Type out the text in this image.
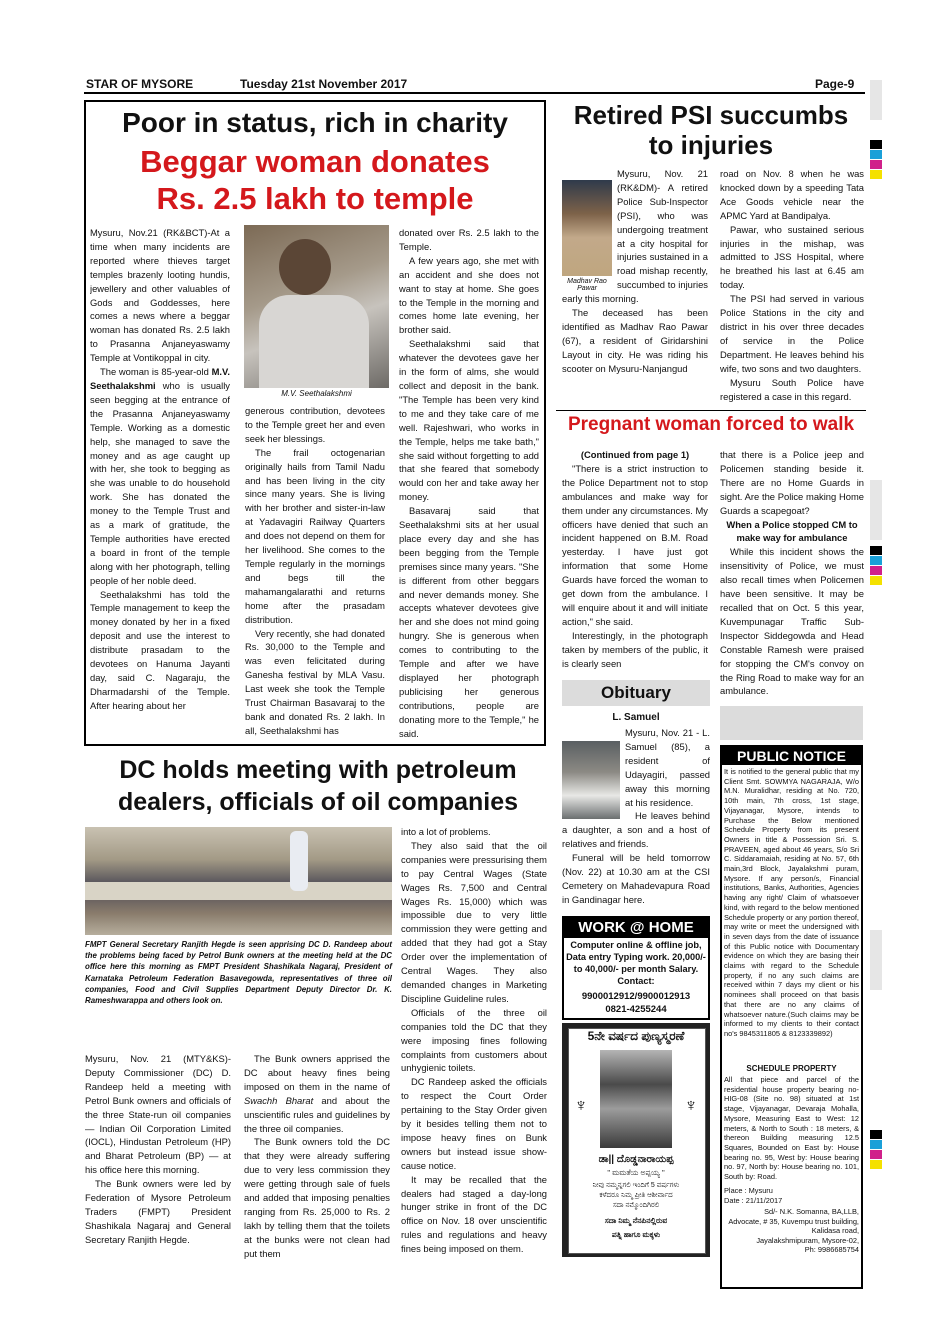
STAR OF MYSORE	Tuesday 21st November 2017	Page-9
Poor in status, rich in charity
Beggar woman donates
Rs. 2.5 lakh to temple
M.V. Seethalakshmi

Mysuru, Nov.21 (RK&BCT)-At a time when many incidents are reported where thieves target temples brazenly looting hundis, jewellery and other valuables of Gods and Goddesses, here comes a news where a beggar woman has donated Rs. 2.5 lakh to Prasanna Anjaneyaswamy Temple at Vontikoppal in city.

The woman is 85-year-old M.V. Seethalakshmi who is usually seen begging at the entrance of the Prasanna Anjaneyaswamy Temple. Working as a domestic help, she managed to save the money and as age caught up with her, she took to begging as she was unable to do household work. She has donated the money to the Temple Trust and as a mark of gratitude, the Temple authorities have erected a board in front of the temple along with her photograph, telling people of her noble deed.

Seethalakshmi has told the Temple management to keep the money donated by her in a fixed deposit and use the interest to distribute prasadam to the devotees on Hanuma Jayanti day, said C. Nagaraju, the Dharmadarshi of the Temple. After hearing about her

generous contribution, devotees to the Temple greet her and even seek her blessings.

The frail octogenarian originally hails from Tamil Nadu and has been living in the city since many years. She is living with her brother and sister-in-law at Yadavagiri Railway Quarters and does not depend on them for her livelihood. She comes to the Temple regularly in the mornings and begs till the mahamangalarathi and returns home after the prasadam distribution.

Very recently, she had donated Rs. 30,000 to the Temple and was even felicitated during Ganesha festival by MLA Vasu. Last week she took the Temple Trust Chairman Basavaraj to the bank and donated Rs. 2 lakh. In all, Seethalakshmi has

donated over Rs. 2.5 lakh to the Temple.

A few years ago, she met with an accident and she does not want to stay at home. She goes to the Temple in the morning and comes home late evening, her brother said.

Seethalakshmi said that whatever the devotees gave her in the form of alms, she would collect and deposit in the bank. "The Temple has been very kind to me and they take care of me well. Rajeshwari, who works in the Temple, helps me take bath," she said without forgetting to add that she feared that somebody would con her and take away her money.

Basavaraj said that Seethalakshmi sits at her usual place every day and she has been begging from the Temple premises since many years. "She is different from other beggars and never demands money. She accepts whatever devotees give her and she does not mind going hungry. She is generous when comes to contributing to the Temple and after we have displayed her photograph publicising her generous contributions, people are donating more to the Temple," he said.

Retired PSI succumbs
to injuries
Madhav Rao Pawar

Mysuru, Nov. 21 (RK&DM)- A retired Police Sub-Inspector (PSI), who was undergoing treatment at a city hospital for injuries sustained in a road mishap recently, succumbed to injuries early this morning.

The deceased has been identified as Madhav Rao Pawar (67), a resident of Giridarshini Layout in city. He was riding his scooter on Mysuru-Nanjangud

road on Nov. 8 when he was knocked down by a speeding Tata Ace Goods vehicle near the APMC Yard at Bandipalya.

Pawar, who sustained serious injuries in the mishap, was admitted to JSS Hospital, where he breathed his last at 6.45 am today.

The PSI had served in various Police Stations in the city and district in his over three decades of service in the Police Department. He leaves behind his wife, two sons and two daughters.

Mysuru South Police have registered a case in this regard.

Pregnant woman forced to walk
(Continued from page 1)

"There is a strict instruction to the Police Department not to stop ambulances and make way for them under any circumstances. My officers have denied that such an incident happened on B.M. Road yesterday. I have just got information that some Home Guards have forced the woman to get down from the ambulance. I will enquire about it and will initiate action," she said.

Interestingly, in the photograph taken by members of the public, it is clearly seen

that there is a Police jeep and Policemen standing beside it. There are no Home Guards in sight. Are the Police making Home Guards a scapegoat?

When a Police stopped CM to make way for ambulance

While this incident shows the insensitivity of Police, we must also recall times when Policemen have been sensitive. It may be recalled that on Oct. 5 this year, Kuvempunagar Traffic Sub-Inspector Siddegowda and Head Constable Ramesh were praised for stopping the CM's convoy on the Ring Road to make way for an ambulance.

Obituary
L. Samuel

Mysuru, Nov. 21 - L. Samuel (85), a resident of Udayagiri, passed away this morning at his residence.

He leaves behind a daughter, a son and a host of relatives and friends.

Funeral will be held tomorrow (Nov. 22) at 10.30 am at the CSI Cemetery on Mahadevapura Road in Gandinagar here.

WORK @ HOME
Computer online & offline job, Data entry Typing work. 20,000/- to 40,000/- per month Salary. Contact:
9900012912/9900012913
0821-4255244
5ನೇ ವರ್ಷದ ಪುಣ್ಯಸ್ಮರಣೆ
♆	♆
ಡಾ|| ದೊಡ್ಡನಾರಾಯಪ್ಪ
" ಮಮತೆಯ ಅಪ್ಪಯ್ಯ "
ನೀವು ನಮ್ಮನ್ನಗಲಿ ಇಂದಿಗೆ 5 ವರ್ಷಗಳು
ಕಳೆದರೂ ನಿಮ್ಮ ಪ್ರೀತಿ ಆಶೀರ್ವಾದ
ಸದಾ ನಮ್ಮೊಂದಿಗಿರಲಿ
ಸದಾ ನಿಮ್ಮ ನೆನಪಿನಲ್ಲಿರುವ
ಪತ್ನಿ ಹಾಗೂ ಮಕ್ಕಳು
PUBLIC NOTICE
It is notified to the general public that my Client Smt. SOWMYA NAGARAJA, W/o M.N. Muralidhar, residing at No. 720, 10th main, 7th cross, 1st stage, Vijayanagar, Mysore, intends to Purchase the Below mentioned Schedule Property from its present Owners in title & Possession Sri. S. PRAVEEN, aged about 46 years, S/o Sri C. Siddaramaiah, residing at No. 57, 6th main,3rd Block, Jayalakshmi puram, Mysore. If any person/s, Financial institutions, Banks, Authorities, Agencies having any right/ Claim of whatsoever kind, with regard to the below mentioned Schedule property or any portion thereof, may write or meet the undersigned with in seven days from the date of issuance of this Public notice with Documentary evidence on which they are basing their claims with regard to the Schedule property, if no any such claims are received within 7 days my client or his nominees shall proceed on that basis that there are no any claims of whatsoever nature.(Such claims may be informed to my clients to their contact no's 9845311805 & 8123339892)
SCHEDULE PROPERTY
All that piece and parcel of the residential house property bearing no-HIG-08 (Site no. 98) situated at 1st stage, Vijayanagar, Devaraja Mohalla, Mysore, Measuring East to West: 12 meters, & North to South : 18 meters, & thereon Building measuring 12.5 Squares, Bounded on East by: House bearing no. 95, West by: House bearing no. 97, North by: House bearing no. 101, South by: Road.
Place : Mysuru
Date : 21/11/2017
Sd/- N.K. Somanna, BA,LLB,
Advocate, # 35, Kuvempu trust building, Kalidasa road,
Jayalakshmipuram, Mysore-02,
Ph: 9986685754
DC holds meeting with petroleum
dealers, officials of oil companies
FMPT General Secretary Ranjith Hegde is seen apprising DC D. Randeep about the problems being faced by Petrol Bunk owners at the meeting held at the DC office here this morning as FMPT President Shashikala Nagaraj, President of Karnataka Petroleum Federation Basavegowda, representatives of three oil companies, Food and Civil Supplies Department Deputy Director Dr. K. Rameshwarappa and others look on.

Mysuru, Nov. 21 (MTY&KS)-Deputy Commissioner (DC) D. Randeep held a meeting with Petrol Bunk owners and officials of the three State-run oil companies — Indian Oil Corporation Limited (IOCL), Hindustan Petroleum (HP) and Bharat Petroleum (BP) — at his office here this morning.

The Bunk owners were led by Federation of Mysore Petroleum Traders (FMPT) President Shashikala Nagaraj and General Secretary Ranjith Hegde.

The Bunk owners apprised the DC about heavy fines being imposed on them in the name of Swachh Bharat and about the unscientific rules and guidelines by the three oil companies.

The Bunk owners told the DC that they were already suffering due to very less commission they were getting through sale of fuels and added that imposing penalties ranging from Rs. 25,000 to Rs. 2 lakh by telling them that the toilets at the bunks were not clean had put them

into a lot of problems.

They also said that the oil companies were pressurising them to pay Central Wages (State Wages Rs. 7,500 and Central Wages Rs. 15,000) which was impossible due to very little commission they were getting and added that they had got a Stay Order over the implementation of Central Wages. They also demanded changes in Marketing Discipline Guideline rules.

Officials of the three oil companies told the DC that they were imposing fines following complaints from customers about unhygienic toilets.

DC Randeep asked the officials to respect the Court Order pertaining to the Stay Order given by it besides telling them not to impose heavy fines on Bunk owners but instead issue show-cause notice.

It may be recalled that the dealers had staged a day-long hunger strike in front of the DC office on Nov. 18 over unscientific rules and regulations and heavy fines being imposed on them.
